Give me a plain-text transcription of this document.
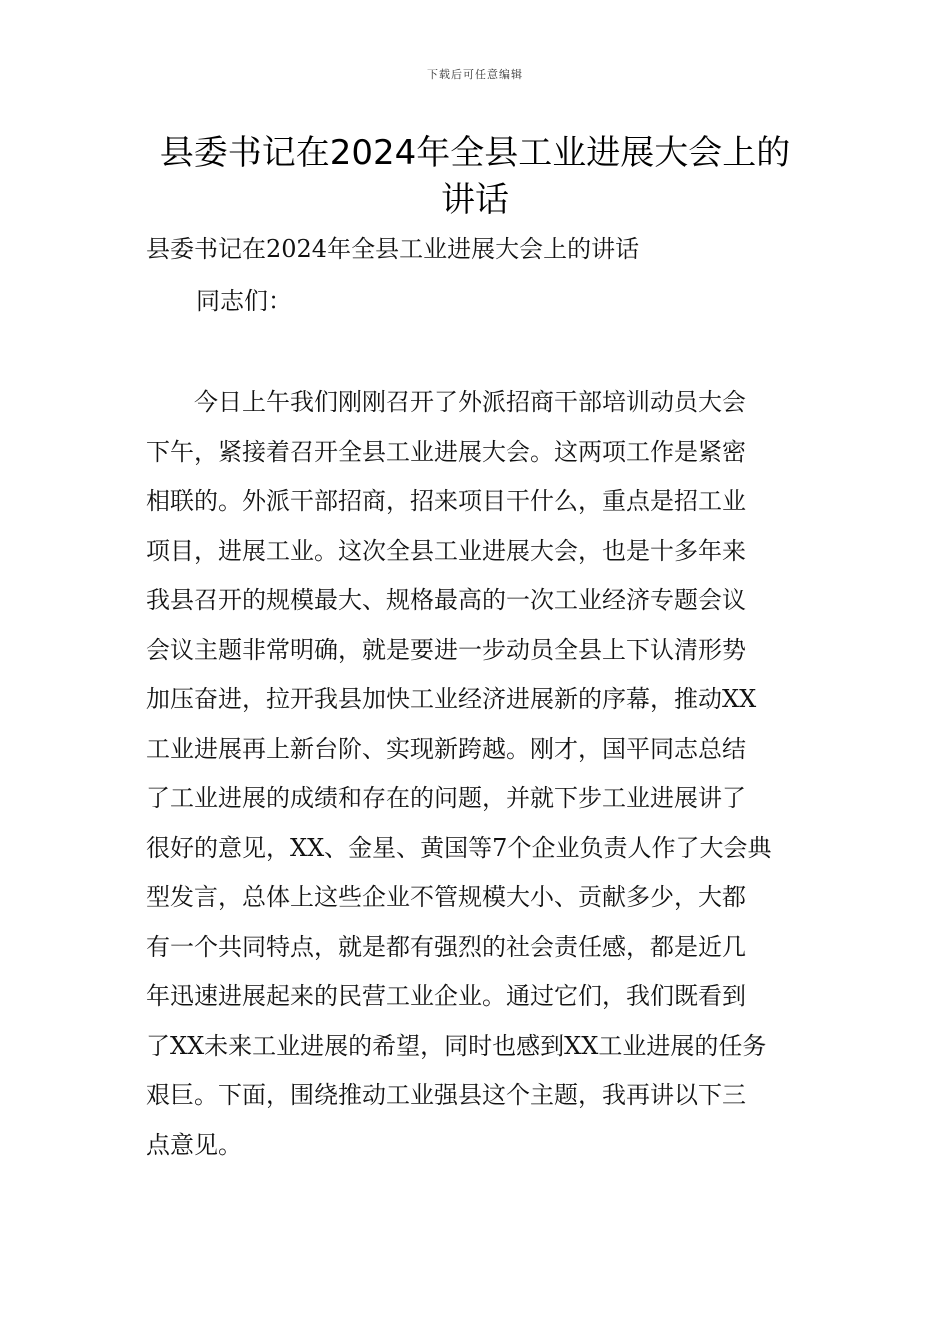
下载后可任意编辑
县委书记在2024年全县工业进展大会上的
讲话
县委书记在2024年全县工业进展大会上的讲话
同志们：
　　今日上午我们刚刚召开了外派招商干部培训动员大会
下午，紧接着召开全县工业进展大会。这两项工作是紧密
相联的。外派干部招商，招来项目干什么，重点是招工业
项目，进展工业。这次全县工业进展大会，也是十多年来
我县召开的规模最大、规格最高的一次工业经济专题会议
会议主题非常明确，就是要进一步动员全县上下认清形势
加压奋进，拉开我县加快工业经济进展新的序幕，推动XX
工业进展再上新台阶、实现新跨越。刚才，国平同志总结
了工业进展的成绩和存在的问题，并就下步工业进展讲了
很好的意见，XX、金星、黄国等7个企业负责人作了大会典
型发言，总体上这些企业不管规模大小、贡献多少，大都
有一个共同特点，就是都有强烈的社会责任感，都是近几
年迅速进展起来的民营工业企业。通过它们，我们既看到
了XX未来工业进展的希望，同时也感到XX工业进展的任务
艰巨。下面，围绕推动工业强县这个主题，我再讲以下三
点意见。
